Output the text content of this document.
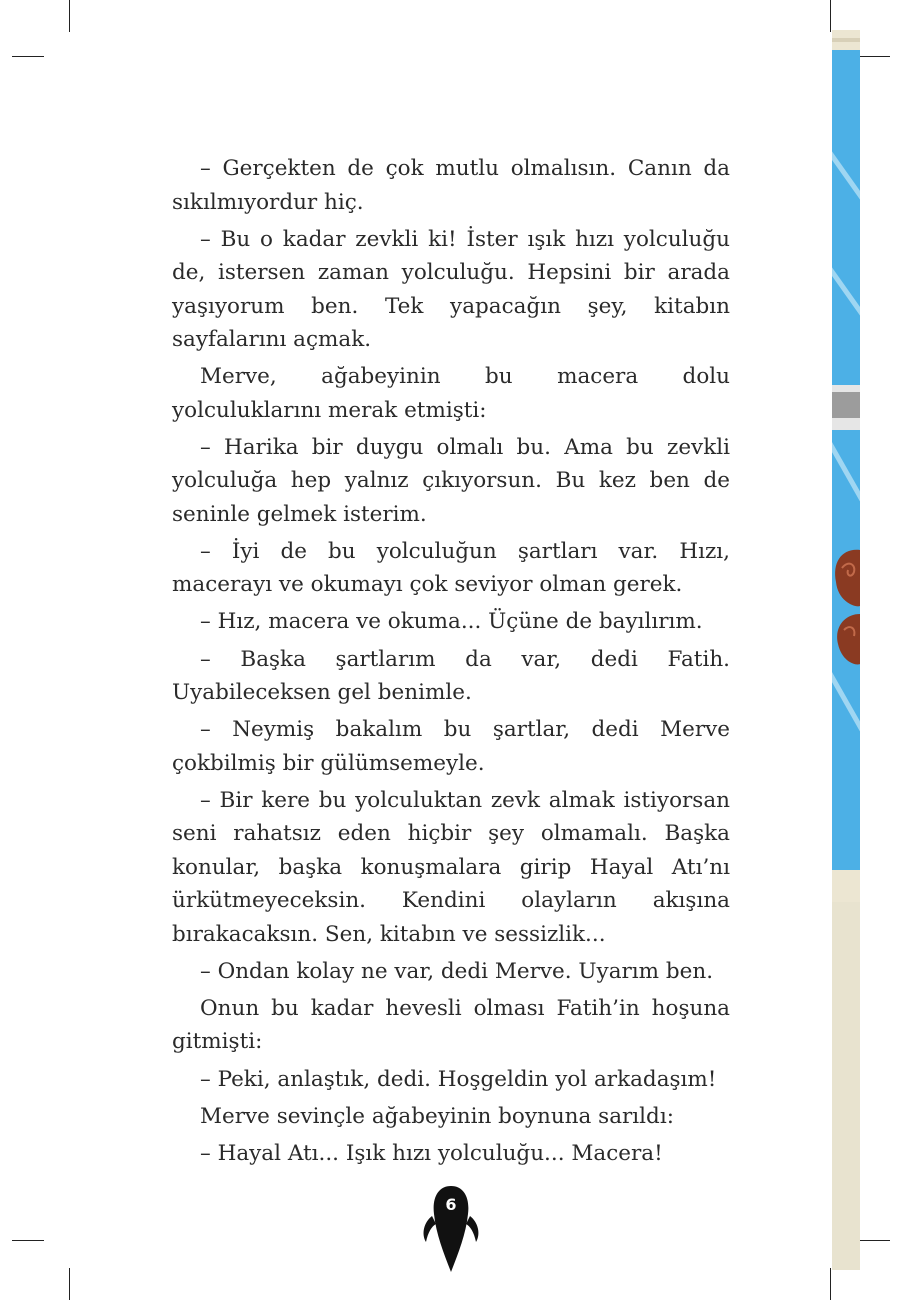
– Gerçekten de çok mutlu olmalısın. Canın da sıkılmıyordur hiç.

– Bu o kadar zevkli ki! İster ışık hızı yolculuğu de, istersen zaman yolculuğu. Hepsini bir arada yaşıyorum ben. Tek yapacağın şey, kitabın sayfalarını açmak.

Merve, ağabeyinin bu macera dolu yolculuklarını merak etmişti:

– Harika bir duygu olmalı bu. Ama bu zevkli yolculuğa hep yalnız çıkıyorsun. Bu kez ben de seninle gelmek isterim.

– İyi de bu yolculuğun şartları var. Hızı, macerayı ve okumayı çok seviyor olman gerek.

– Hız, macera ve okuma... Üçüne de bayılırım.

– Başka şartlarım da var, dedi Fatih. Uyabileceksen gel benimle.

– Neymiş bakalım bu şartlar, dedi Merve çokbilmiş bir gülümsemeyle.

– Bir kere bu yolculuktan zevk almak istiyorsan seni rahatsız eden hiçbir şey olmamalı. Başka konular, başka konuşmalara girip Hayal Atı’nı ürkütmeyeceksin. Kendini olayların akışına bırakacaksın. Sen, kitabın ve sessizlik...

– Ondan kolay ne var, dedi Merve. Uyarım ben.

Onun bu kadar hevesli olması Fatih’in hoşuna gitmişti:

– Peki, anlaştık, dedi. Hoşgeldin yol arkadaşım!

Merve sevinçle ağabeyinin boynuna sarıldı:

– Hayal Atı... Işık hızı yolculuğu... Macera!

6
